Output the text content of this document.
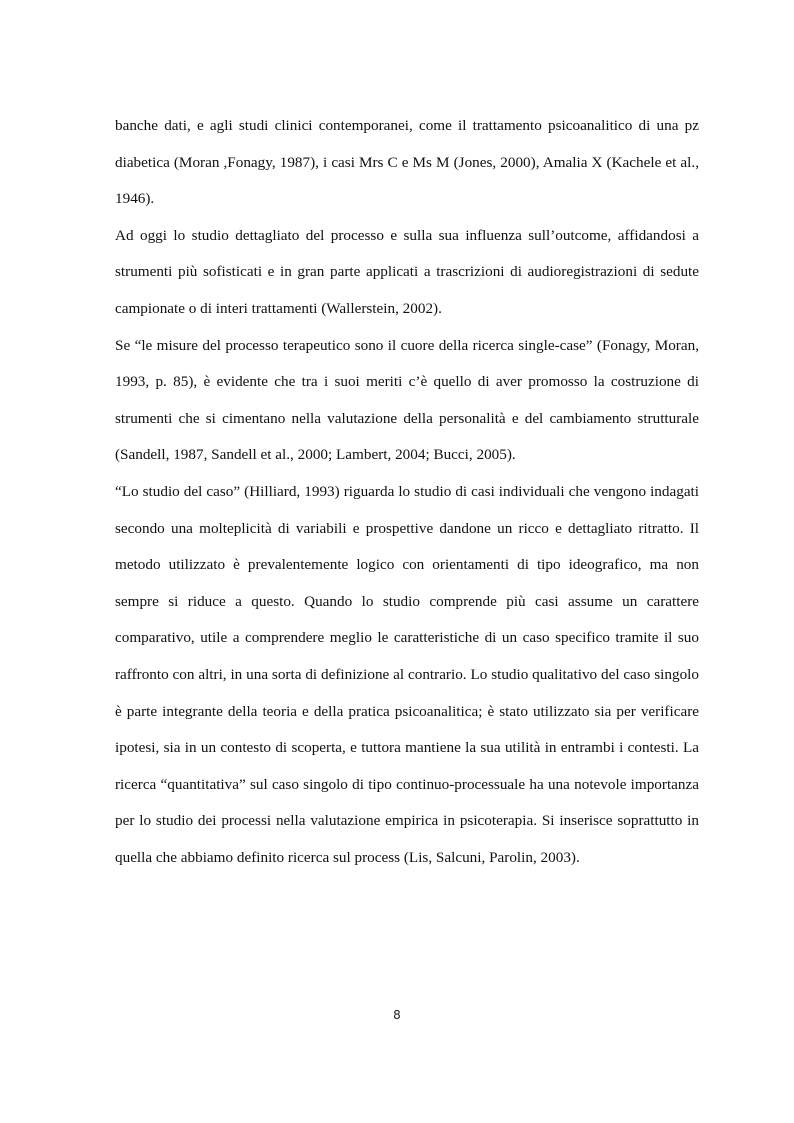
banche dati, e agli studi clinici contemporanei, come il trattamento psicoanalitico di una pz diabetica (Moran ,Fonagy, 1987), i casi Mrs C e Ms M (Jones, 2000), Amalia X (Kachele et al., 1946).

Ad oggi lo studio dettagliato del processo e sulla sua influenza sull’outcome, affidandosi a strumenti più sofisticati e in gran parte applicati a trascrizioni di audioregistrazioni di sedute campionate o di interi trattamenti (Wallerstein, 2002).

Se “le misure del processo terapeutico sono il cuore della ricerca single-case” (Fonagy, Moran, 1993, p. 85), è evidente che tra i suoi meriti c’è quello di aver promosso la costruzione di strumenti che si cimentano nella valutazione della personalità e del cambiamento strutturale (Sandell, 1987, Sandell et al., 2000; Lambert, 2004; Bucci, 2005).

“Lo studio del caso” (Hilliard, 1993) riguarda lo studio di casi individuali che vengono indagati secondo una molteplicità di variabili e prospettive dandone un ricco e dettagliato ritratto. Il metodo utilizzato è prevalentemente logico con orientamenti di tipo ideografico, ma non sempre si riduce a questo. Quando lo studio comprende più casi assume un carattere comparativo, utile a comprendere meglio le caratteristiche di un caso specifico tramite il suo raffronto con altri, in una sorta di definizione al contrario. Lo studio qualitativo del caso singolo è parte integrante della teoria e della pratica psicoanalitica; è stato utilizzato sia per verificare ipotesi, sia in un contesto di scoperta, e tuttora mantiene la sua utilità in entrambi i contesti. La ricerca “quantitativa” sul caso singolo di tipo continuo-processuale ha una notevole importanza per lo studio dei processi nella valutazione empirica in psicoterapia. Si inserisce soprattutto in quella che abbiamo definito ricerca sul process (Lis, Salcuni, Parolin, 2003).

8
